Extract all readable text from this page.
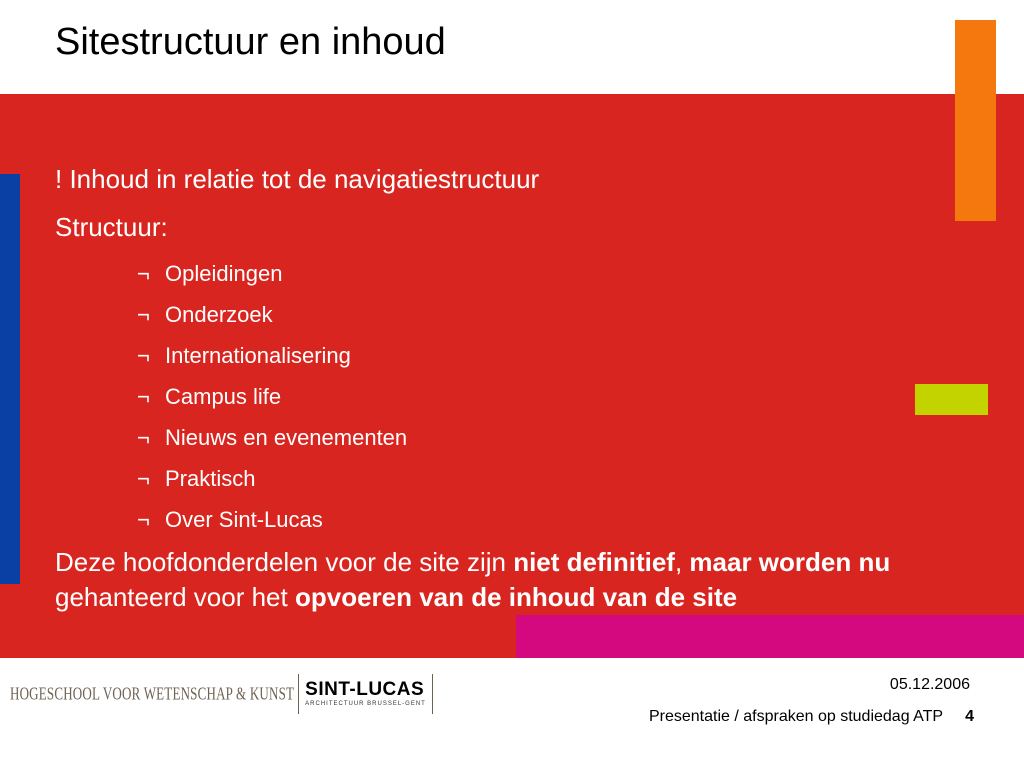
Sitestructuur en inhoud
! Inhoud in relatie tot de navigatiestructuur
Structuur:
¬ Opleidingen
¬ Onderzoek
¬ Internationalisering
¬ Campus life
¬ Nieuws en evenementen
¬ Praktisch
¬ Over Sint-Lucas
Deze hoofdonderdelen voor de site zijn niet definitief, maar worden nu gehanteerd voor het opvoeren van de inhoud van de site
HOGESCHOOL VOOR WETENSCHAP & KUNST SINT-LUCAS
ARCHITECTUUR BRUSSEL-GENT
05.12.2006
Presentatie / afspraken op studiedag ATP 4
